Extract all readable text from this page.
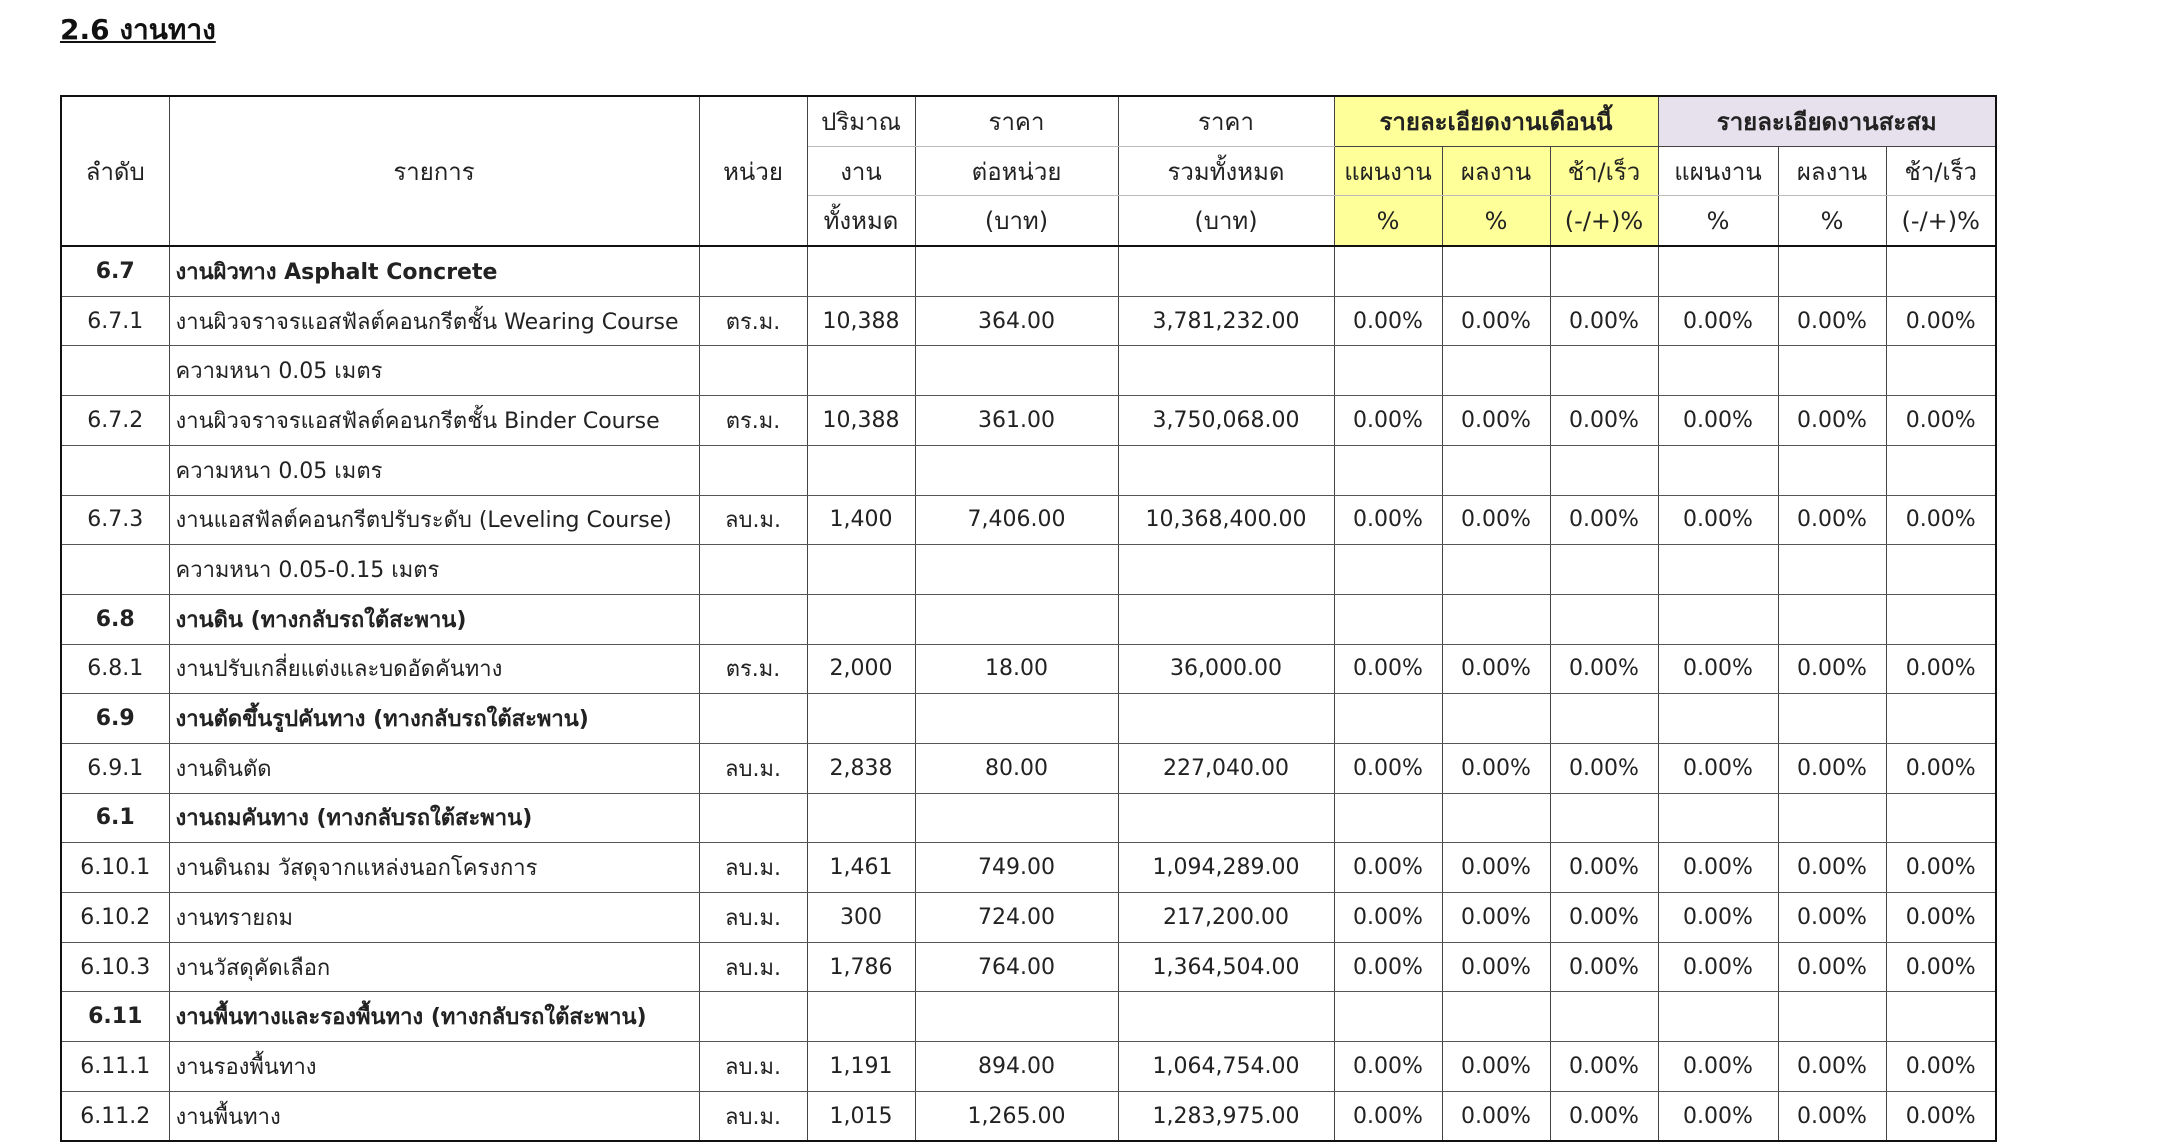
2.6 งานทาง
ลำดับ	รายการ	หน่วย	ปริมาณ	ราคา	ราคา	รายละเอียดงานเดือนนี้			รายละเอียดงานสะสม		
			งาน	ต่อหน่วย	รวมทั้งหมด	แผนงาน	ผลงาน	ช้า/เร็ว	แผนงาน	ผลงาน	ช้า/เร็ว
			ทั้งหมด	(บาท)	(บาท)	%	%	(-/+)%	%	%	(-/+)%
6.7	งานผิวทาง Asphalt Concrete										
6.7.1	งานผิวจราจรแอสฟัลต์คอนกรีตชั้น Wearing Course	ตร.ม.	10,388	364.00	3,781,232.00	0.00%	0.00%	0.00%	0.00%	0.00%	0.00%
	ความหนา 0.05 เมตร										
6.7.2	งานผิวจราจรแอสฟัลต์คอนกรีตชั้น Binder Course	ตร.ม.	10,388	361.00	3,750,068.00	0.00%	0.00%	0.00%	0.00%	0.00%	0.00%
	ความหนา 0.05 เมตร										
6.7.3	งานแอสฟัลต์คอนกรีตปรับระดับ (Leveling Course)	ลบ.ม.	1,400	7,406.00	10,368,400.00	0.00%	0.00%	0.00%	0.00%	0.00%	0.00%
	ความหนา 0.05-0.15 เมตร										
6.8	งานดิน (ทางกลับรถใต้สะพาน)										
6.8.1	งานปรับเกลี่ยแต่งและบดอัดคันทาง	ตร.ม.	2,000	18.00	36,000.00	0.00%	0.00%	0.00%	0.00%	0.00%	0.00%
6.9	งานตัดขึ้นรูปคันทาง (ทางกลับรถใต้สะพาน)										
6.9.1	งานดินตัด	ลบ.ม.	2,838	80.00	227,040.00	0.00%	0.00%	0.00%	0.00%	0.00%	0.00%
6.1	งานถมคันทาง (ทางกลับรถใต้สะพาน)										
6.10.1	งานดินถม วัสดุจากแหล่งนอกโครงการ	ลบ.ม.	1,461	749.00	1,094,289.00	0.00%	0.00%	0.00%	0.00%	0.00%	0.00%
6.10.2	งานทรายถม	ลบ.ม.	300	724.00	217,200.00	0.00%	0.00%	0.00%	0.00%	0.00%	0.00%
6.10.3	งานวัสดุคัดเลือก	ลบ.ม.	1,786	764.00	1,364,504.00	0.00%	0.00%	0.00%	0.00%	0.00%	0.00%
6.11	งานพื้นทางและรองพื้นทาง (ทางกลับรถใต้สะพาน)										
6.11.1	งานรองพื้นทาง	ลบ.ม.	1,191	894.00	1,064,754.00	0.00%	0.00%	0.00%	0.00%	0.00%	0.00%
6.11.2	งานพื้นทาง	ลบ.ม.	1,015	1,265.00	1,283,975.00	0.00%	0.00%	0.00%	0.00%	0.00%	0.00%
